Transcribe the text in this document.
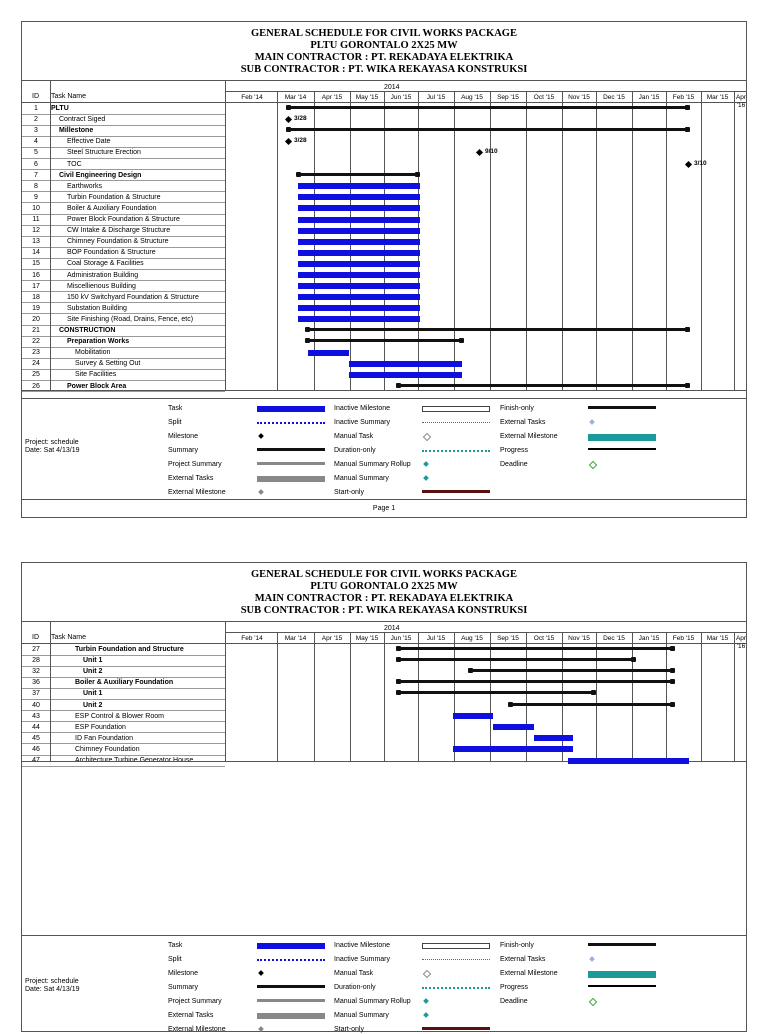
GENERAL SCHEDULE FOR CIVIL WORKS PACKAGE
PLTU GORONTALO 2X25 MW
MAIN CONTRACTOR : PT. REKADAYA ELEKTRIKA
SUB CONTRACTOR : PT. WIKA REKAYASA KONSTRUKSI
ID Task Name
2014
Feb '14	Mar '14	Apr '15	May '15	Jun '15	Jul '15	Aug '15	Sep '15	Oct '15	Nov '15	Dec '15	Jan '15	Feb '15	Mar '15	Apr '16
1	PLTU
2	Contract Siged
3	Millestone
4	Effective Date
5	Steel Structure Erection
6	TOC
7	Civil Engineering Design
8	Earthworks
9	Turbin Foundation & Structure
10	Boiler & Auxiliary Foundation
11	Power Block Foundation & Structure
12	CW Intake & Discharge Structure
13	Chimney Foundation & Structure
14	BOP Foundation & Structure
15	Coal Storage & Facilities
16	Administration Building
17	Miscellienous Building
18	150 kV Switchyard Foundation & Structure
19	Substation Building
20	Site Finishing (Road, Drains, Fence, etc)
21	CONSTRUCTION
22	Preparation Works
23	Mobilitation
24	Survey & Setting Out
25	Site Facilities
26	Power Block Area
3/28
3/28
9/10
3/10
Task
Split
Milestone
Summary
Project Summary
External Tasks
External Milestone
Inactive Milestone
Inactive Summary
Manual Task
Duration-only
Manual Summary Rollup
Manual Summary
Start-only
Finish-only
External Tasks
External Milestone
Progress
Deadline
Project: schedule
Date: Sat 4/13/19
Page 1
GENERAL SCHEDULE FOR CIVIL WORKS PACKAGE
PLTU GORONTALO 2X25 MW
MAIN CONTRACTOR : PT. REKADAYA ELEKTRIKA
SUB CONTRACTOR : PT. WIKA REKAYASA KONSTRUKSI
ID Task Name
2014
Feb '14	Mar '14	Apr '15	May '15	Jun '15	Jul '15	Aug '15	Sep '15	Oct '15	Nov '15	Dec '15	Jan '15	Feb '15	Mar '15	Apr '16
27	Turbin Foundation and Structure
28	Unit 1
32	Unit 2
36	Boiler & Auxiliary Foundation
37	Unit 1
40	Unit 2
43	ESP Control & Blower Room
44	ESP Foundation
45	ID Fan Foundation
46	Chimney Foundation
Task
Split
Milestone
Summary
Project Summary
External Tasks
External Milestone
Inactive Milestone
Inactive Summary
Manual Task
Duration-only
Manual Summary Rollup
Manual Summary
Start-only
Finish-only
External Tasks
External Milestone
Progress
Deadline
Project: schedule
Date: Sat 4/13/19
